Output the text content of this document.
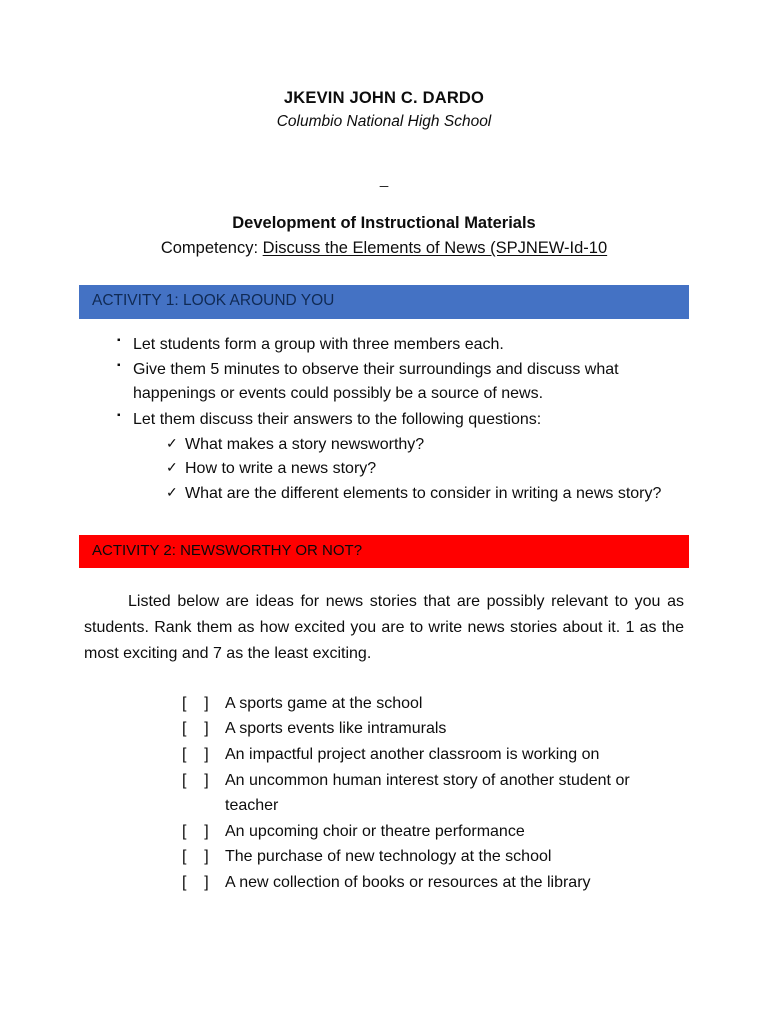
JKEVIN JOHN C. DARDO
Columbio National High School
______________________________________________________________________
_
Development of Instructional Materials
Competency: Discuss the Elements of News (SPJNEW-Id-10
ACTIVITY 1: LOOK AROUND YOU
▪ Let students form a group with three members each.
▪ Give them 5 minutes to observe their surroundings and discuss what happenings or events could possibly be a source of news.
▪ Let them discuss their answers to the following questions:
✓ What makes a story newsworthy?
✓ How to write a news story?
✓ What are the different elements to consider in writing a news story?
ACTIVITY 2: NEWSWORTHY OR NOT?

Listed below are ideas for news stories that are possibly relevant to you as students. Rank them as how excited you are to write news stories about it. 1 as the most exciting and 7 as the least exciting.

[    ] A sports game at the school
[    ] A sports events like intramurals
[    ] An impactful project another classroom is working on
[    ] An uncommon human interest story of another student or teacher
[    ] An upcoming choir or theatre performance
[    ] The purchase of new technology at the school
[    ] A new collection of books or resources at the library
